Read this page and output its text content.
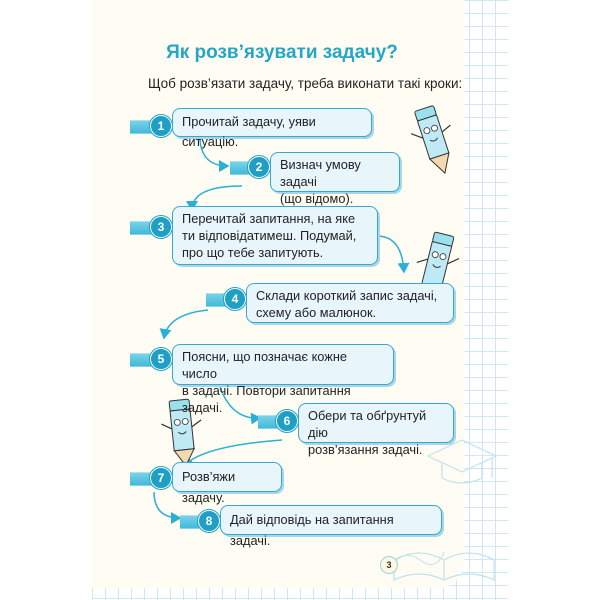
Як розв’язувати задачу?
Щоб розв’язати задачу, треба виконати такі кроки:
1	Прочитай задачу, уяви ситуацію.
2	Визнач умову задачі
(що відомо).
3
Перечитай запитання, на яке
ти відповідатимеш. Подумай,
про що тебе запитують.
4	Склади короткий запис задачі,
схему або малюнок.
5	Поясни, що позначає кожне число
в задачі. Повтори запитання задачі.
6	Обери та обґрунтуй дію
розв’язання задачі.
7	Розв’яжи задачу.
8	Дай відповідь на запитання задачі.
3
